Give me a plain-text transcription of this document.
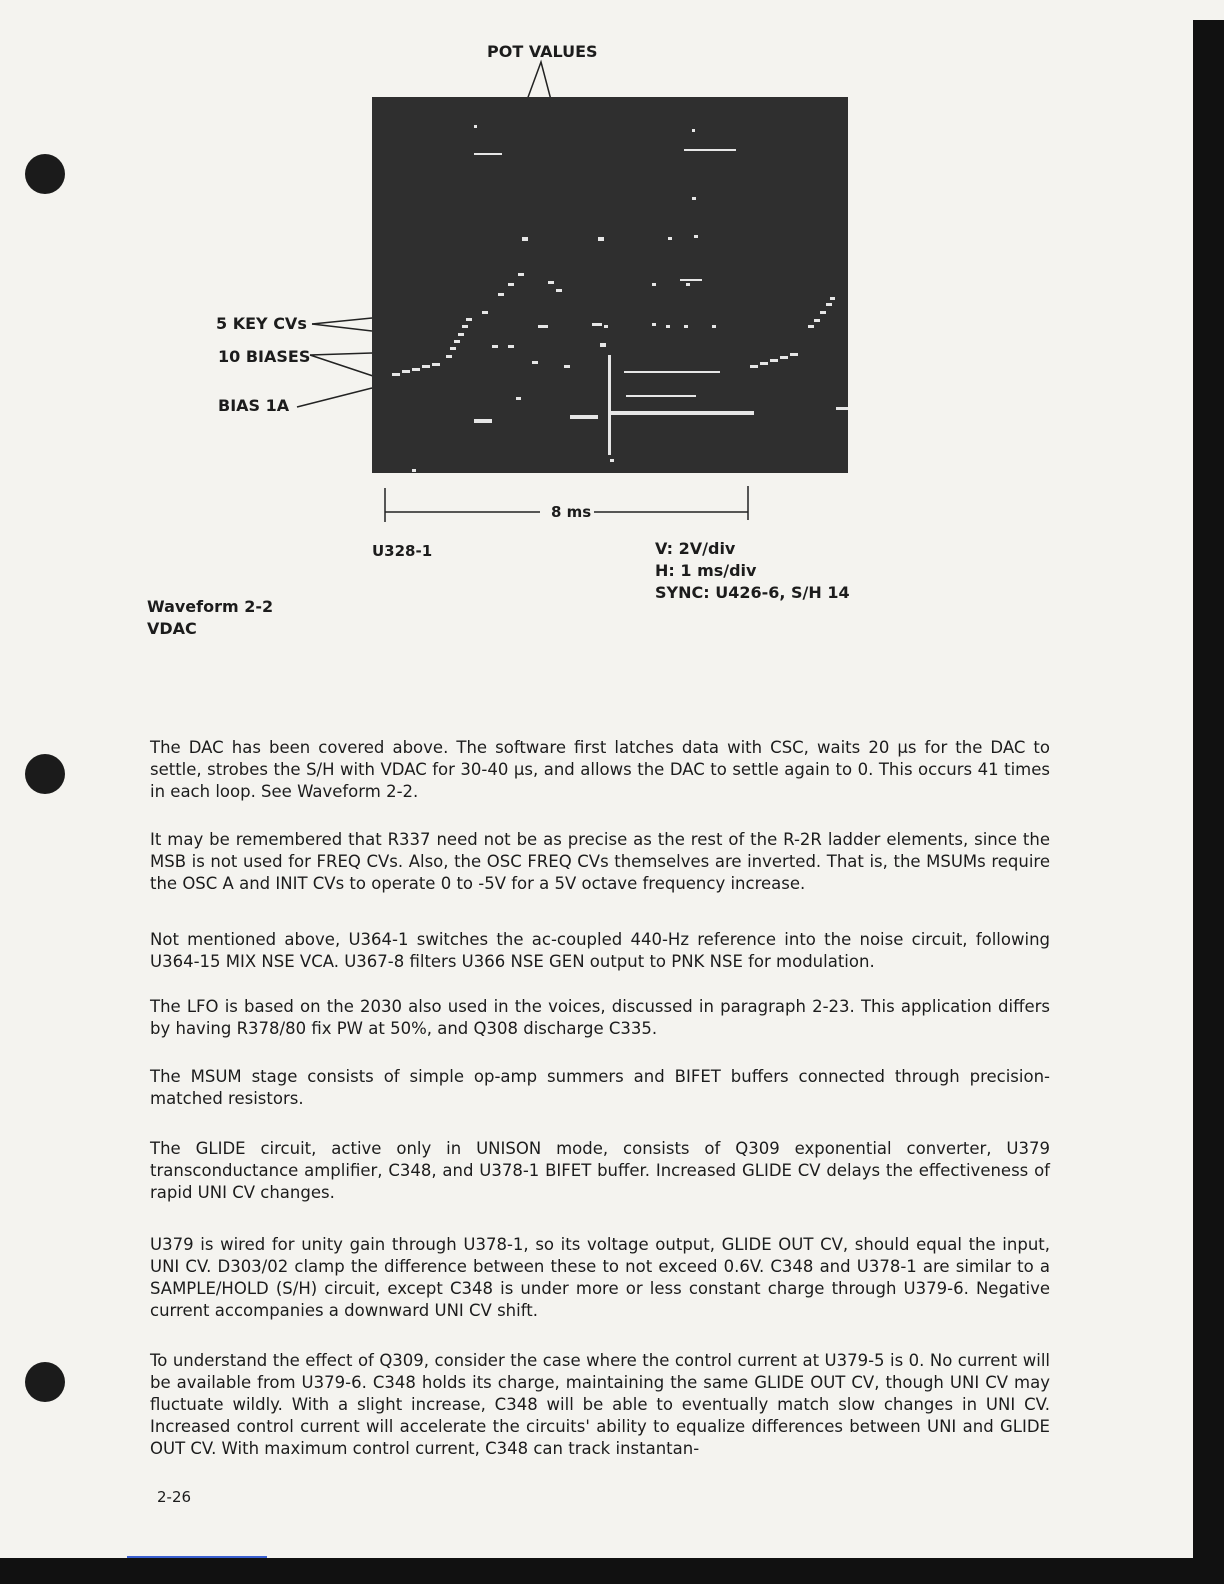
POT VALUES
5 KEY CVs
10 BIASES
BIAS 1A
8 ms
U328-1	V: 2V/div
H: 1 ms/div
SYNC: U426-6, S/H 14
Waveform 2-2
VDAC
The DAC has been covered above. The software first latches data with CSC, waits 20 µs for the DAC to settle, strobes the S/H with VDAC for 30-40 µs, and allows the DAC to settle again to 0. This occurs 41 times in each loop. See Waveform 2-2.
It may be remembered that R337 need not be as precise as the rest of the R-2R ladder elements, since the MSB is not used for FREQ CVs. Also, the OSC FREQ CVs themselves are inverted. That is, the MSUMs require the OSC A and INIT CVs to operate 0 to -5V for a 5V octave frequency increase.
Not mentioned above, U364-1 switches the ac-coupled 440-Hz reference into the noise circuit, following U364-15 MIX NSE VCA. U367-8 filters U366 NSE GEN output to PNK NSE for modulation.
The LFO is based on the 2030 also used in the voices, discussed in paragraph 2-23. This application differs by having R378/80 fix PW at 50%, and Q308 discharge C335.
The MSUM stage consists of simple op-amp summers and BIFET buffers connected through precision-matched resistors.
The GLIDE circuit, active only in UNISON mode, consists of Q309 exponential converter, U379 transconductance amplifier, C348, and U378-1 BIFET buffer. Increased GLIDE CV delays the effectiveness of rapid UNI CV changes.
U379 is wired for unity gain through U378-1, so its voltage output, GLIDE OUT CV, should equal the input, UNI CV. D303/02 clamp the difference between these to not exceed 0.6V. C348 and U378-1 are similar to a SAMPLE/HOLD (S/H) circuit, except C348 is under more or less constant charge through U379-6. Negative current accompanies a downward UNI CV shift.
To understand the effect of Q309, consider the case where the control current at U379-5 is 0. No current will be available from U379-6. C348 holds its charge, maintaining the same GLIDE OUT CV, though UNI CV may fluctuate wildly. With a slight increase, C348 will be able to eventually match slow changes in UNI CV. Increased control current will accelerate the circuits' ability to equalize differences between UNI and GLIDE OUT CV. With maximum control current, C348 can track instantan-
2-26
